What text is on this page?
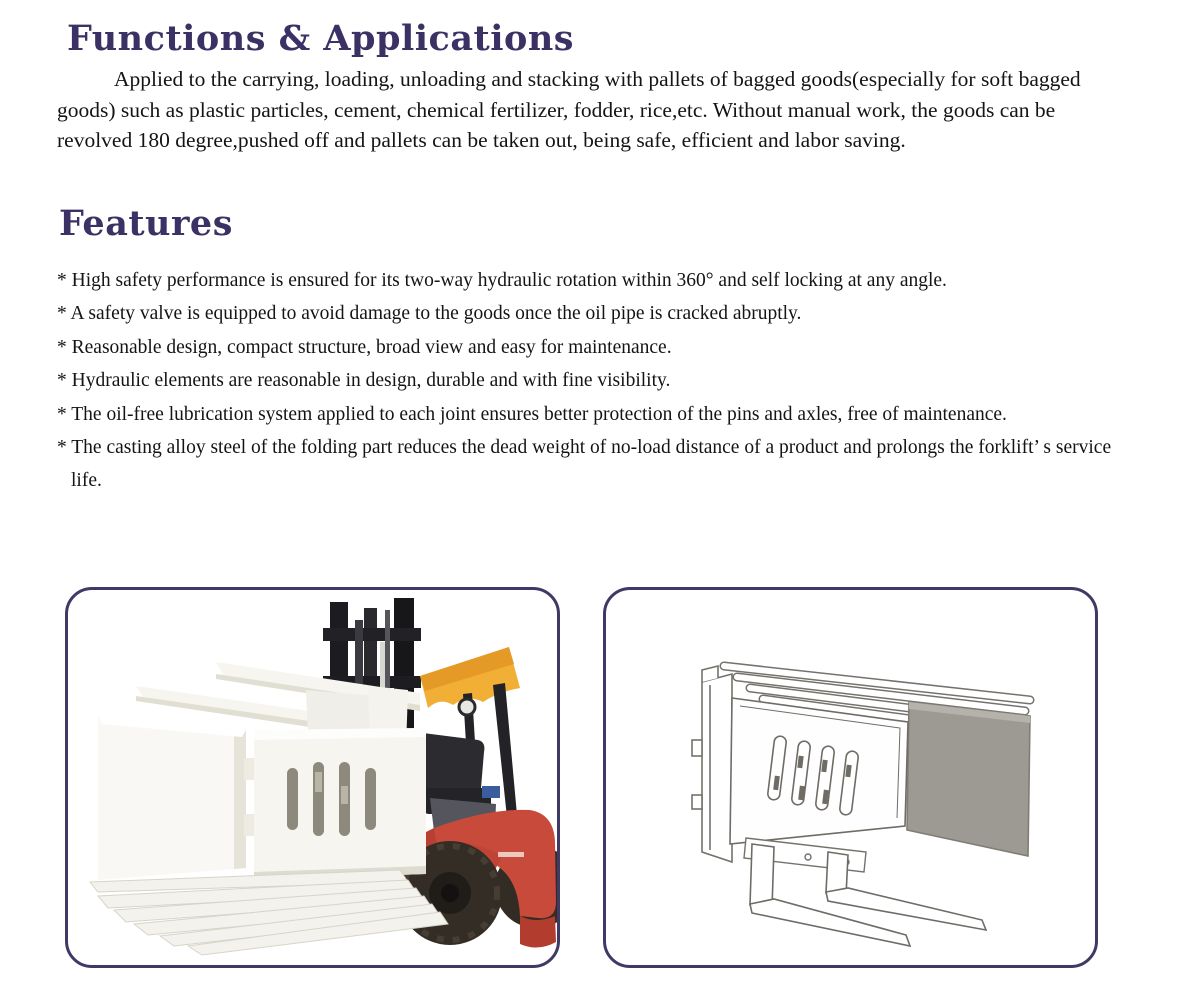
Functions & Applications

Applied to the carrying, loading, unloading and stacking with pallets of bagged goods(especially for soft bagged goods) such as plastic particles, cement, chemical fertilizer, fodder, rice,etc. Without manual work, the goods can be revolved 180 degree,pushed off and pallets can be taken out, being safe, efficient and labor saving.

Features
* High safety performance is ensured for its two-way hydraulic rotation within 360° and self locking at any angle.
* A safety valve is equipped to avoid damage to the goods once the oil pipe is cracked abruptly.
* Reasonable design, compact structure, broad view and easy for maintenance.
* Hydraulic elements are reasonable in design, durable and with fine visibility.
* The oil-free lubrication system applied to each joint ensures better protection of the pins and axles, free of maintenance.
* The casting alloy steel of the folding part reduces the dead weight of no-load distance of a product and prolongs the forklift’ s service life.
